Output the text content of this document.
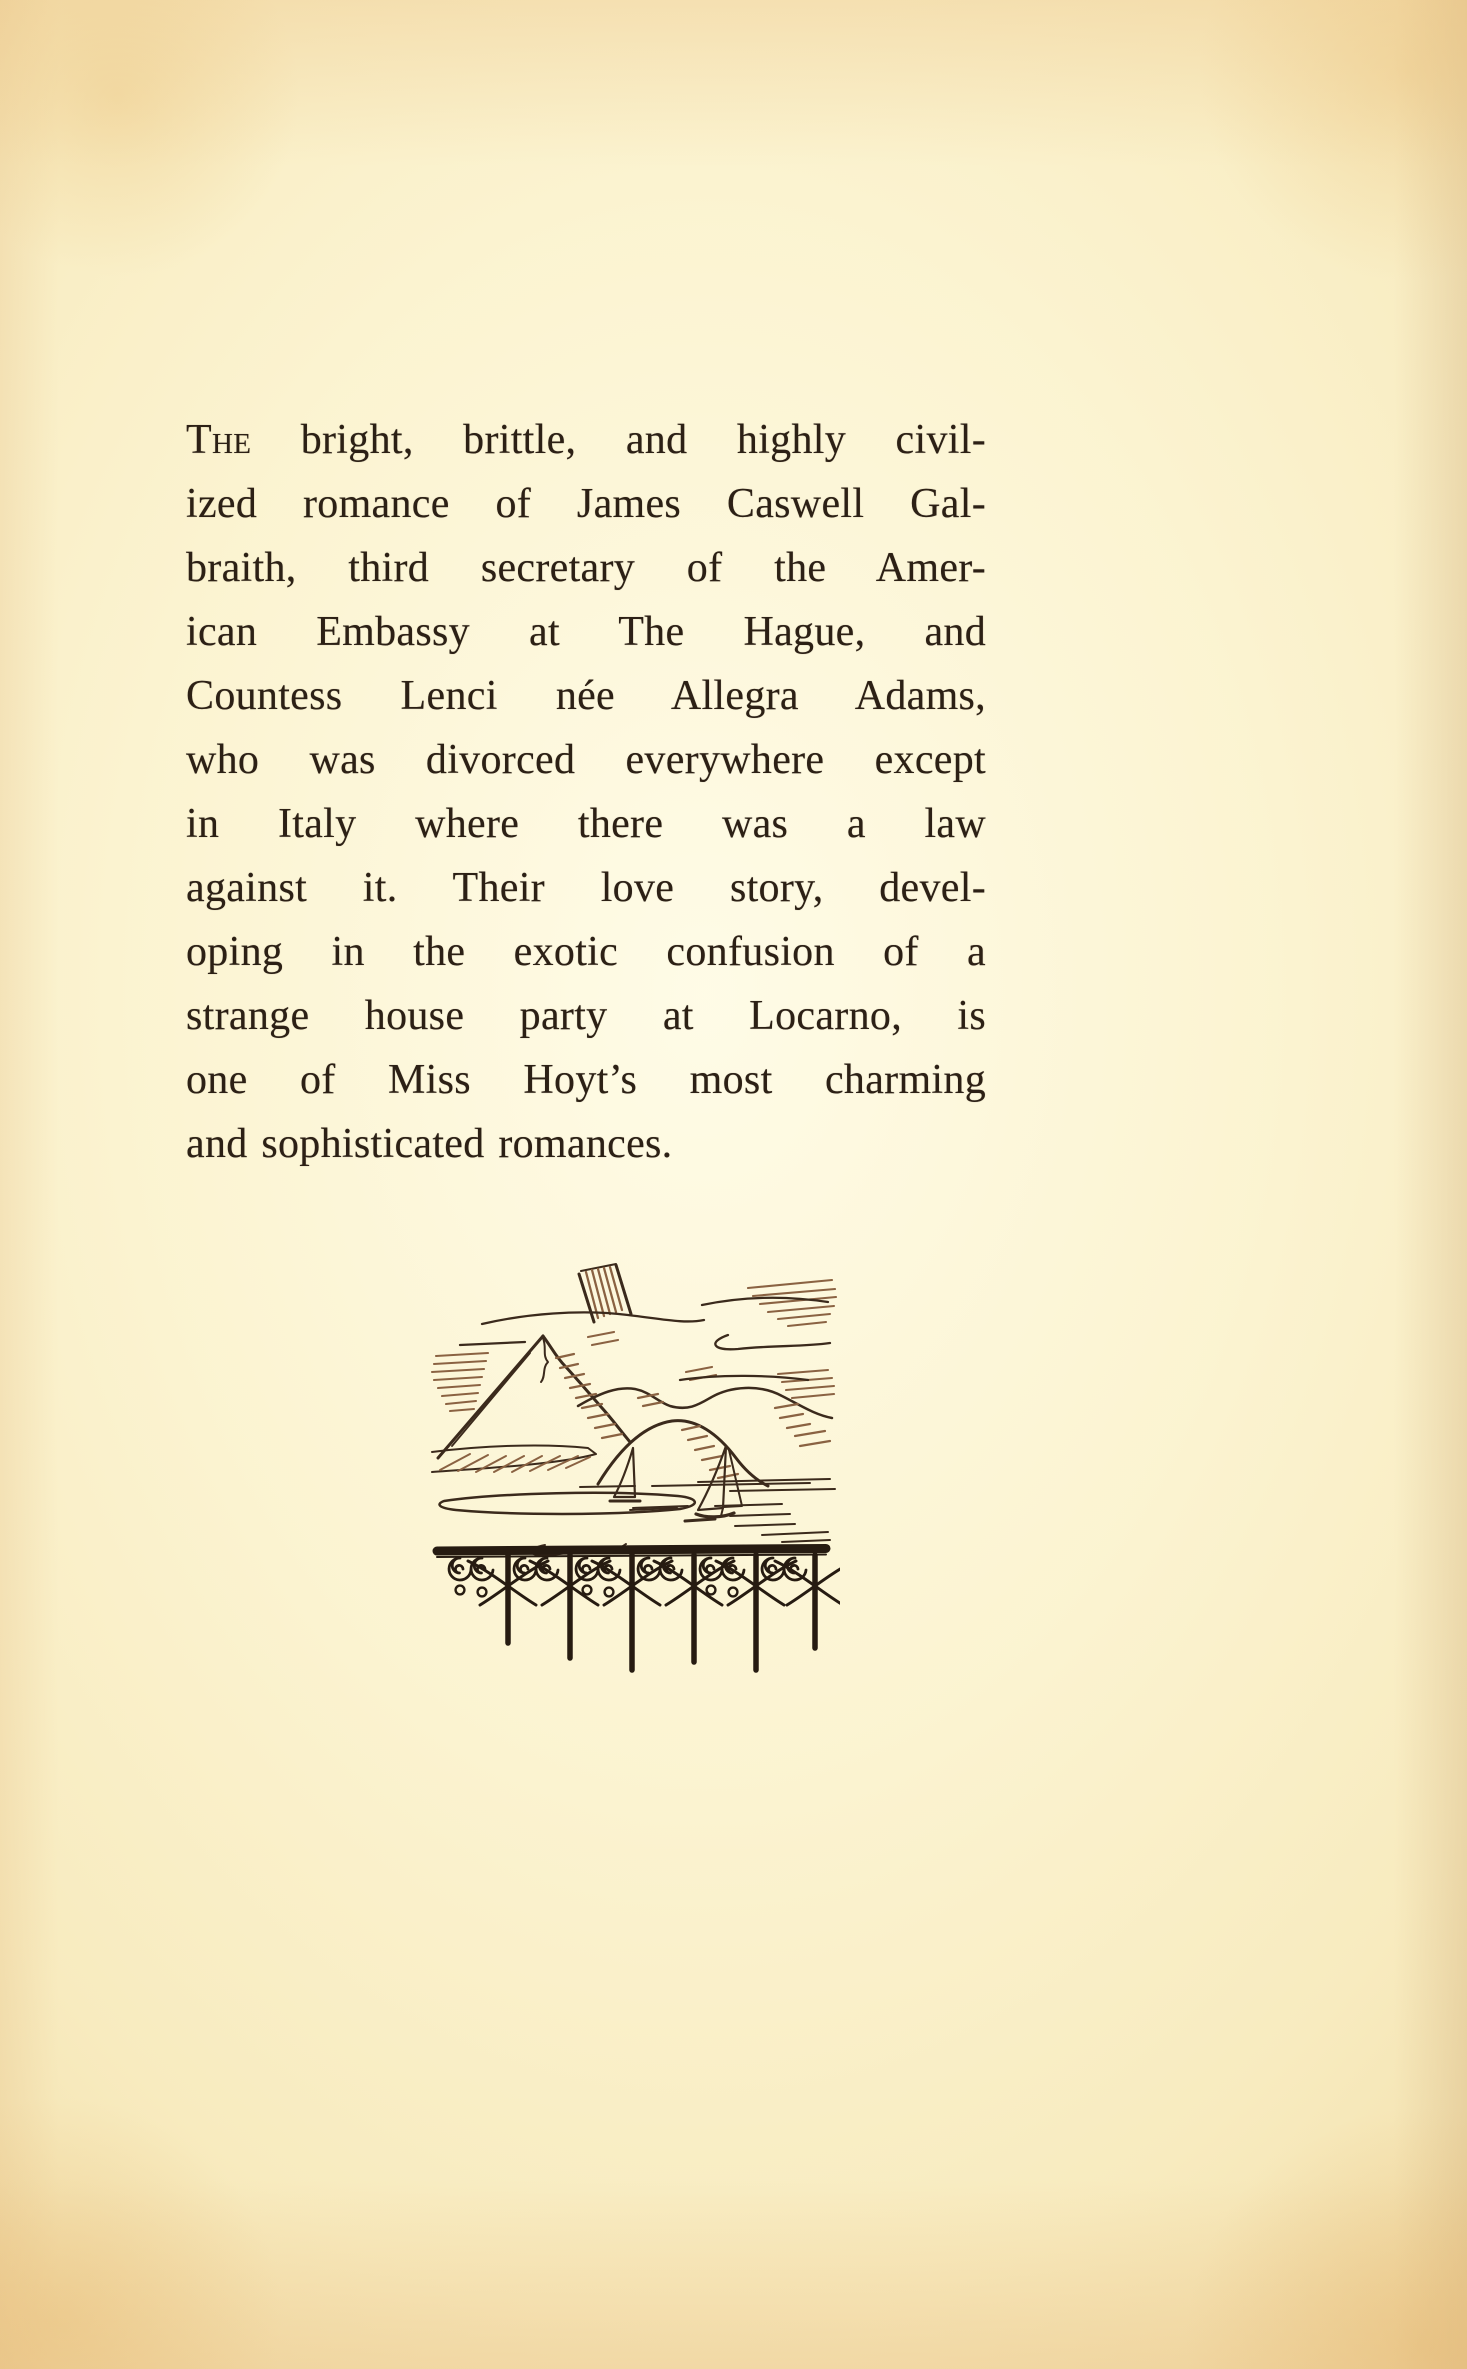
The bright, brittle, and highly civil-

ized romance of James Caswell Gal-

braith, third secretary of the Amer-

ican Embassy at The Hague, and

Countess Lenci née Allegra Adams,

who was divorced everywhere except

in Italy where there was a law

against it. Their love story, devel-

oping in the exotic confusion of a

strange house party at Locarno, is

one of Miss Hoyt’s most charming

and sophisticated romances.
